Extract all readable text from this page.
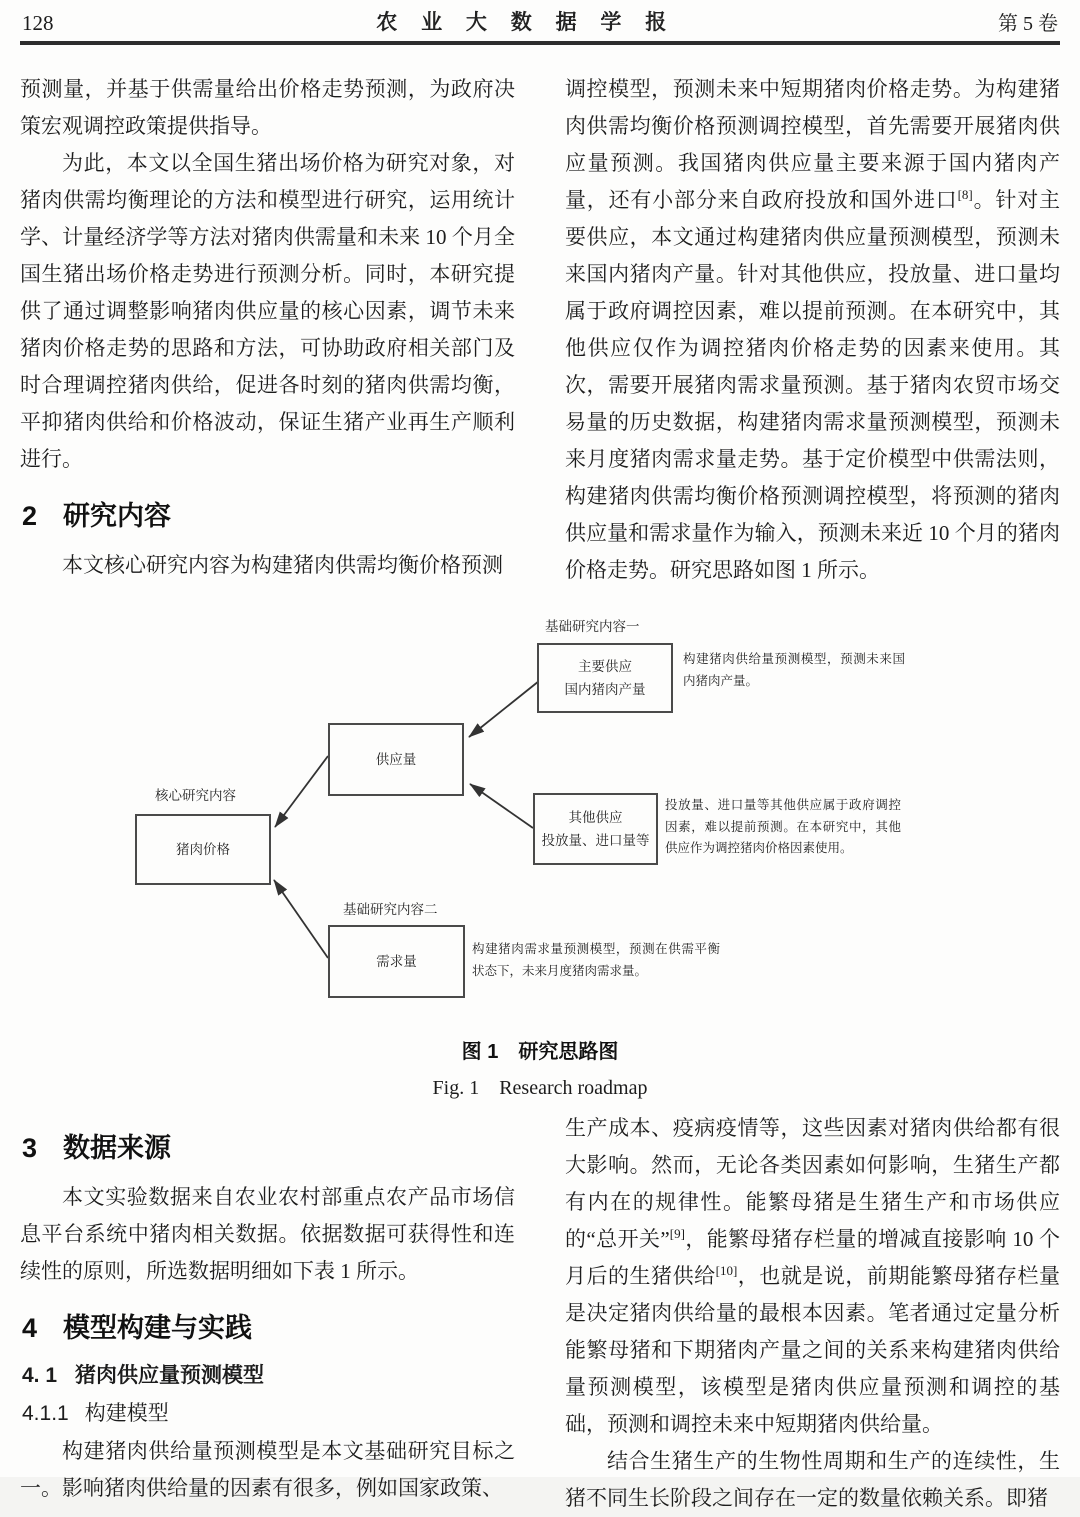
128	农 业 大 数 据 学 报	第 5 卷

预测量，并基于供需量给出价格走势预测，为政府决策宏观调控政策提供指导。

为此，本文以全国生猪出场价格为研究对象，对猪肉供需均衡理论的方法和模型进行研究，运用统计学、计量经济学等方法对猪肉供需量和未来 10 个月全国生猪出场价格走势进行预测分析。同时，本研究提供了通过调整影响猪肉供应量的核心因素，调节未来猪肉价格走势的思路和方法，可协助政府相关部门及时合理调控猪肉供给，促进各时刻的猪肉供需均衡，平抑猪肉供给和价格波动，保证生猪产业再生产顺利进行。

2 研究内容

本文核心研究内容为构建猪肉供需均衡价格预测

调控模型，预测未来中短期猪肉价格走势。为构建猪肉供需均衡价格预测调控模型，首先需要开展猪肉供应量预测。我国猪肉供应量主要来源于国内猪肉产量，还有小部分来自政府投放和国外进口[8]。针对主要供应，本文通过构建猪肉供应量预测模型，预测未来国内猪肉产量。针对其他供应，投放量、进口量均属于政府调控因素，难以提前预测。在本研究中，其他供应仅作为调控猪肉价格走势的因素来使用。其次，需要开展猪肉需求量预测。基于猪肉农贸市场交易量的历史数据，构建猪肉需求量预测模型，预测未来月度猪肉需求量走势。基于定价模型中供需法则，构建猪肉供需均衡价格预测调控模型，将预测的猪肉供应量和需求量作为输入，预测未来近 10 个月的猪肉价格走势。研究思路如图 1 所示。

基础研究内容一
主要供应
国内猪肉产量
构建猪肉供给量预测模型，预测未来国内猪肉产量。
供应量
核心研究内容
猪肉价格
其他供应
投放量、进口量等
投放量、进口量等其他供应属于政府调控因素，难以提前预测。在本研究中，其他供应作为调控猪肉价格因素使用。
基础研究内容二
需求量
构建猪肉需求量预测模型，预测在供需平衡状态下，未来月度猪肉需求量。
图 1　研究思路图
Fig. 1　Research roadmap
3 数据来源

本文实验数据来自农业农村部重点农产品市场信息平台系统中猪肉相关数据。依据数据可获得性和连续性的原则，所选数据明细如下表 1 所示。

4 模型构建与实践
4. 1 猪肉供应量预测模型
4.1.1 构建模型

构建猪肉供给量预测模型是本文基础研究目标之一。影响猪肉供给量的因素有很多，例如国家政策、

生产成本、疫病疫情等，这些因素对猪肉供给都有很大影响。然而，无论各类因素如何影响，生猪生产都有内在的规律性。能繁母猪是生猪生产和市场供应的“总开关”[9]，能繁母猪存栏量的增减直接影响 10 个月后的生猪供给[10]，也就是说，前期能繁母猪存栏量是决定猪肉供给量的最根本因素。笔者通过定量分析能繁母猪和下期猪肉产量之间的关系来构建猪肉供给量预测模型，该模型是猪肉供应量预测和调控的基础，预测和调控未来中短期猪肉供给量。

结合生猪生产的生物性周期和生产的连续性，生猪不同生长阶段之间存在一定的数量依赖关系。即猪
